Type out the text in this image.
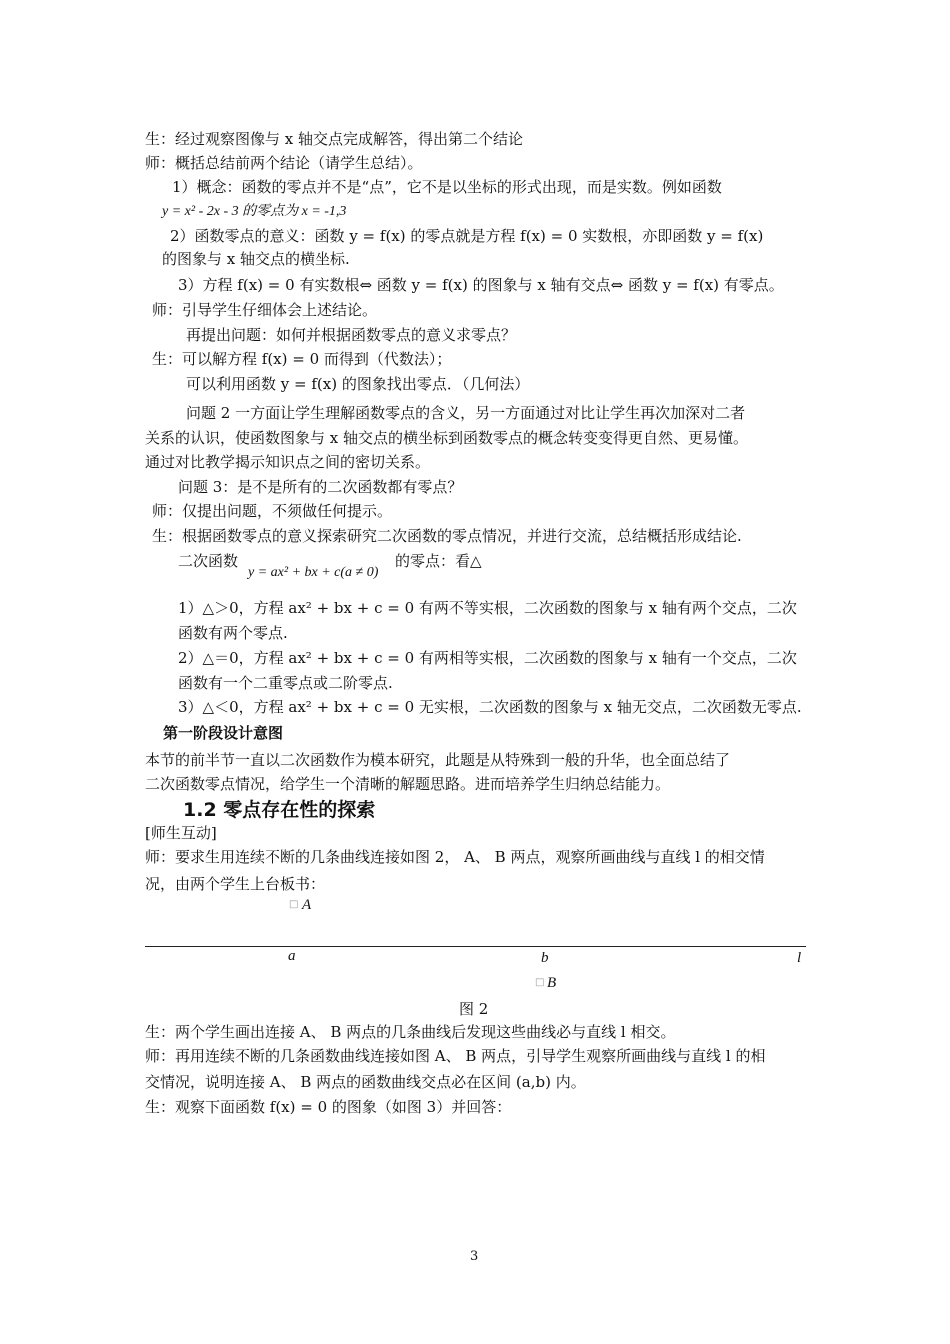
生：经过观察图像与 x 轴交点完成解答，得出第二个结论
师：概括总结前两个结论（请学生总结）。
1）概念：函数的零点并不是“点”，它不是以坐标的形式出现，而是实数。例如函数
y = x² - 2x - 3 的零点为 x = -1,3
2）函数零点的意义：函数 y = f(x) 的零点就是方程 f(x) = 0 实数根，亦即函数 y = f(x)
的图象与 x 轴交点的横坐标.
3）方程 f(x) = 0 有实数根⇔ 函数 y = f(x) 的图象与 x 轴有交点⇔ 函数 y = f(x) 有零点。
师：引导学生仔细体会上述结论。
再提出问题：如何并根据函数零点的意义求零点？
生：可以解方程 f(x) = 0 而得到（代数法）；
可以利用函数 y = f(x) 的图象找出零点．（几何法）
问题 2 一方面让学生理解函数零点的含义，另一方面通过对比让学生再次加深对二者
关系的认识，使函数图象与 x 轴交点的横坐标到函数零点的概念转变变得更自然、更易懂。
通过对比教学揭示知识点之间的密切关系。
问题 3：是不是所有的二次函数都有零点？
师：仅提出问题，不须做任何提示。
生：根据函数零点的意义探索研究二次函数的零点情况，并进行交流，总结概括形成结论.
二次函数
y = ax² + bx + c(a ≠ 0)
的零点：看△
1）△＞0，方程 ax² + bx + c = 0 有两不等实根，二次函数的图象与 x 轴有两个交点，二次
函数有两个零点.
2）△＝0，方程 ax² + bx + c = 0 有两相等实根，二次函数的图象与 x 轴有一个交点，二次
函数有一个二重零点或二阶零点.
3）△＜0，方程 ax² + bx + c = 0 无实根，二次函数的图象与 x 轴无交点，二次函数无零点.
第一阶段设计意图
本节的前半节一直以二次函数作为模本研究，此题是从特殊到一般的升华，也全面总结了
二次函数零点情况，给学生一个清晰的解题思路。进而培养学生归纳总结能力。
1.2 零点存在性的探索
[师生互动]
师：要求生用连续不断的几条曲线连接如图 2， A、 B 两点，观察所画曲线与直线 l 的相交情
况，由两个学生上台板书：
□ A
a	b	l
□ B
图 2
生：两个学生画出连接 A、 B 两点的几条曲线后发现这些曲线必与直线 l 相交。
师：再用连续不断的几条函数曲线连接如图 A、 B 两点，引导学生观察所画曲线与直线 l 的相
交情况，说明连接 A、 B 两点的函数曲线交点必在区间 (a,b) 内。
生：观察下面函数 f(x) = 0 的图象（如图 3）并回答：
3
